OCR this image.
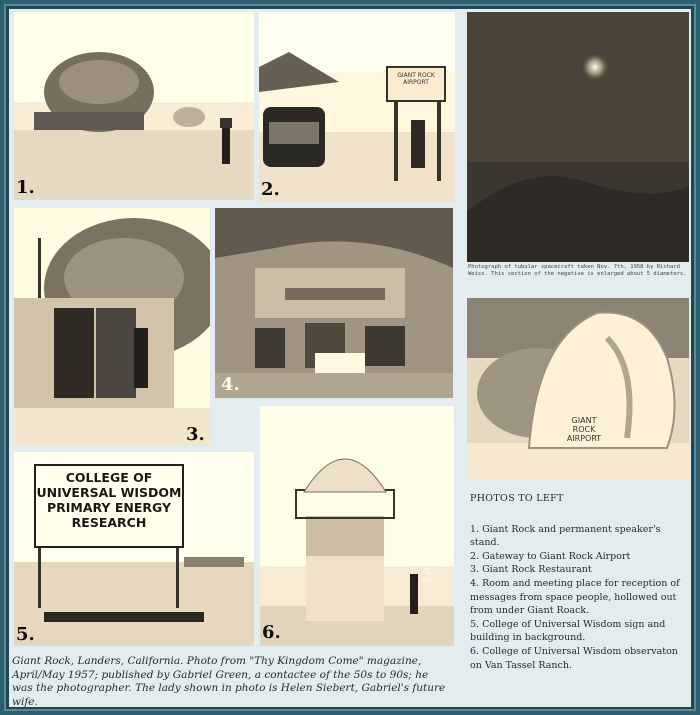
1.
GIANT ROCK AIRPORT
2.
Photograph of tubular spacecraft taken Nov. 7th, 1958 by Richard Weiss. This section of the negative is enlarged about 5 diameters.
3.
4.
GIANT
ROCK
AIRPORT
COLLEGE OF
UNIVERSAL WISDOM
PRIMARY ENERGY
RESEARCH
5.	6.
Labyrinthina.com	PHOTOS TO LEFT
1. Giant Rock and permanent speaker's stand.
2. Gateway to Giant Rock Airport
3. Giant Rock Restaurant
4. Room and meeting place for reception of messages from space people, hollowed out from under Giant Roack.
5. College of Universal Wisdom sign and building in background.
6. College of Universal Wisdom observaton on Van Tassel Ranch.
Giant Rock, Landers, California. Photo from "Thy Kingdom Come" magazine, April/May 1957; published by Gabriel Green, a contactee of the 50s to 90s; he was the photographer. The lady shown in photo is Helen Siebert, Gabriel's future wife.
